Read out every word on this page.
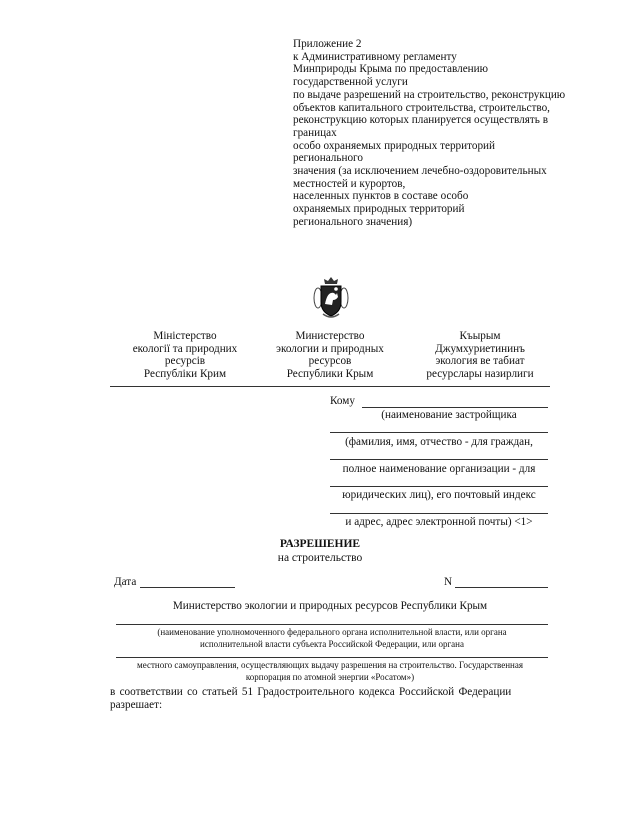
Приложение 2
к Административному регламенту
Минприроды Крыма по предоставлению
государственной услуги
по выдаче разрешений на строительство, реконструкцию
объектов капитального строительства, строительство,
реконструкцию которых планируется осуществлять в
границах
особо охраняемых природных территорий
регионального
значения (за исключением лечебно-оздоровительных
местностей и курортов,
населенных пунктов в составе особо
охраняемых природных территорий
регионального значения)
Міністерство
екології та природних
ресурсів
Республіки Крим
Министерство
экологии и природных
ресурсов
Республики Крым
Къырым
Джумхуриетининъ
экология ве табиат
ресурслары назирлиги
Кому
(наименование застройщика
(фамилия, имя, отчество - для граждан,
полное наименование организации - для
юридических лиц), его почтовый индекс
и адрес, адрес электронной почты) <1>
РАЗРЕШЕНИЕ
на строительство
Дата	N
Министерство экологии и природных ресурсов Республики Крым
(наименование уполномоченного федерального органа исполнительной власти, или органа
исполнительной власти субъекта Российской Федерации, или органа
местного самоуправления, осуществляющих выдачу разрешения на строительство. Государственная
корпорация по атомной энергии «Росатом»)
в соответствии со статьей 51 Градостроительного кодекса Российской Федерации
разрешает:
